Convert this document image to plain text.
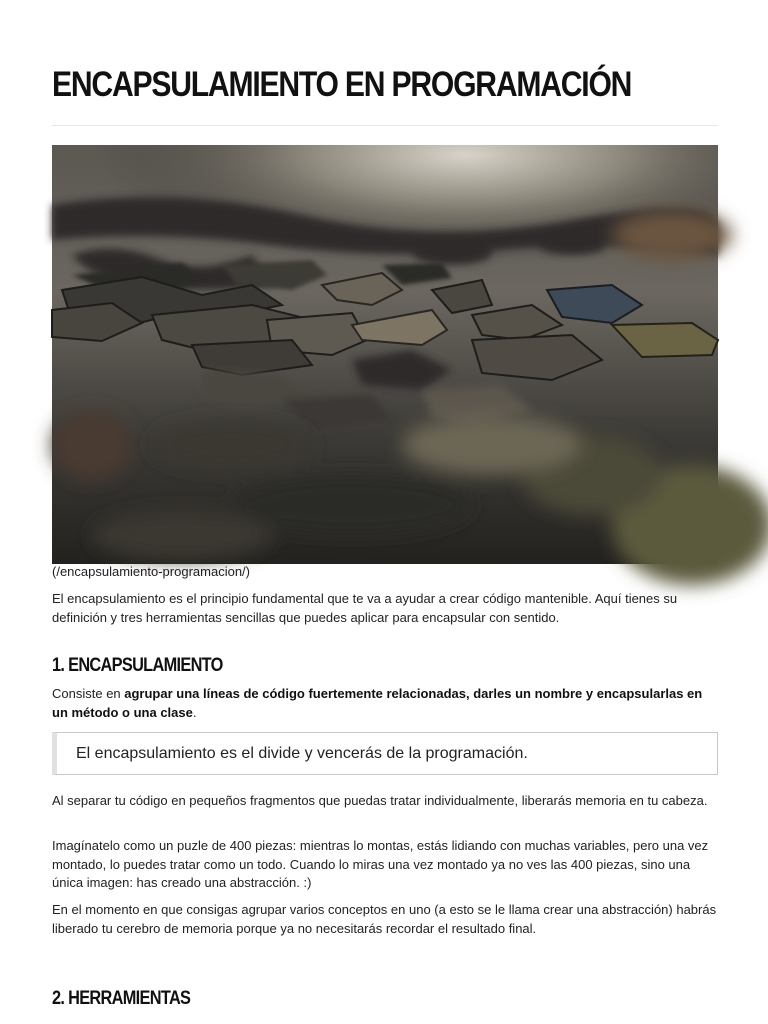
ENCAPSULAMIENTO EN PROGRAMACIÓN
(/encapsulamiento-programacion/)

El encapsulamiento es el principio fundamental que te va a ayudar a crear código mantenible. Aquí tienes su definición y tres herramientas sencillas que puedes aplicar para encapsular con sentido.

1. ENCAPSULAMIENTO

Consiste en agrupar una líneas de código fuertemente relacionadas, darles un nombre y encapsularlas en un método o una clase.

El encapsulamiento es el divide y vencerás de la programación.

Al separar tu código en pequeños fragmentos que puedas tratar individualmente, liberarás memoria en tu cabeza.

Imagínatelo como un puzle de 400 piezas: mientras lo montas, estás lidiando con muchas variables, pero una vez montado, lo puedes tratar como un todo. Cuando lo miras una vez montado ya no ves las 400 piezas, sino una única imagen: has creado una abstracción. :)

En el momento en que consigas agrupar varios conceptos en uno (a esto se le llama crear una abstracción) habrás liberado tu cerebro de memoria porque ya no necesitarás recordar el resultado final.

2. HERRAMIENTAS
